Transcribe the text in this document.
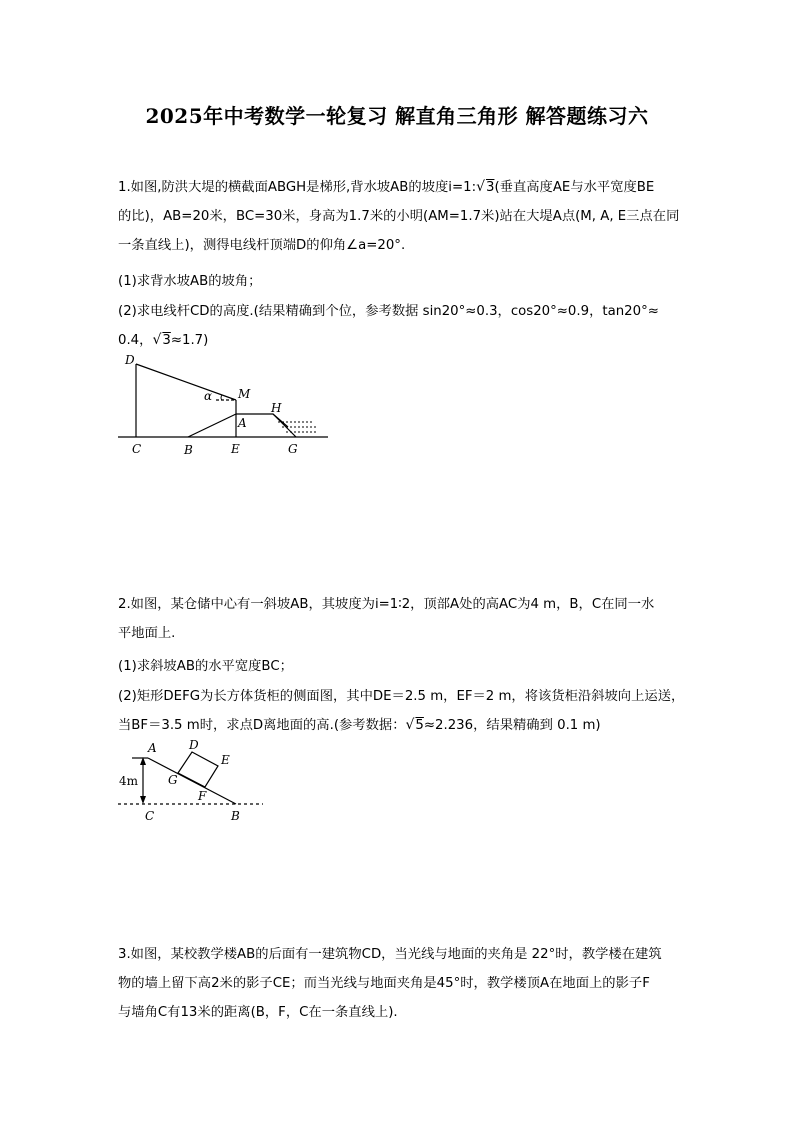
2025年中考数学一轮复习 解直角三角形 解答题练习六
1.如图,防洪大堤的横截面ABGH是梯形,背水坡AB的坡度i=1:√3(垂直高度AE与水平宽度BE
的比)，AB=20米，BC=30米，身高为1.7米的小明(AM=1.7米)站在大堤A点(M, A, E三点在同
一条直线上)，测得电线杆顶端D的仰角∠a=20°.
(1)求背水坡AB的坡角；
(2)求电线杆CD的高度.(结果精确到个位，参考数据 sin20°≈0.3，cos20°≈0.9，tan20°≈
0.4，√3≈1.7)
D
M
α
H
A
C	B	E	G
2.如图，某仓储中心有一斜坡AB，其坡度为i=1∶2，顶部A处的高AC为4 m，B，C在同一水
平地面上.
(1)求斜坡AB的水平宽度BC；
(2)矩形DEFG为长方体货柜的侧面图，其中DE＝2.5 m，EF＝2 m，将该货柜沿斜坡向上运送，
当BF＝3.5 m时，求点D离地面的高.(参考数据：√5≈2.236，结果精确到 0.1 m)
A	D
E
G
F
4m
C	B
3.如图，某校教学楼AB的后面有一建筑物CD，当光线与地面的夹角是 22°时，教学楼在建筑
物的墙上留下高2米的影子CE；而当光线与地面夹角是45°时，教学楼顶A在地面上的影子F
与墙角C有13米的距离(B，F，C在一条直线上).
